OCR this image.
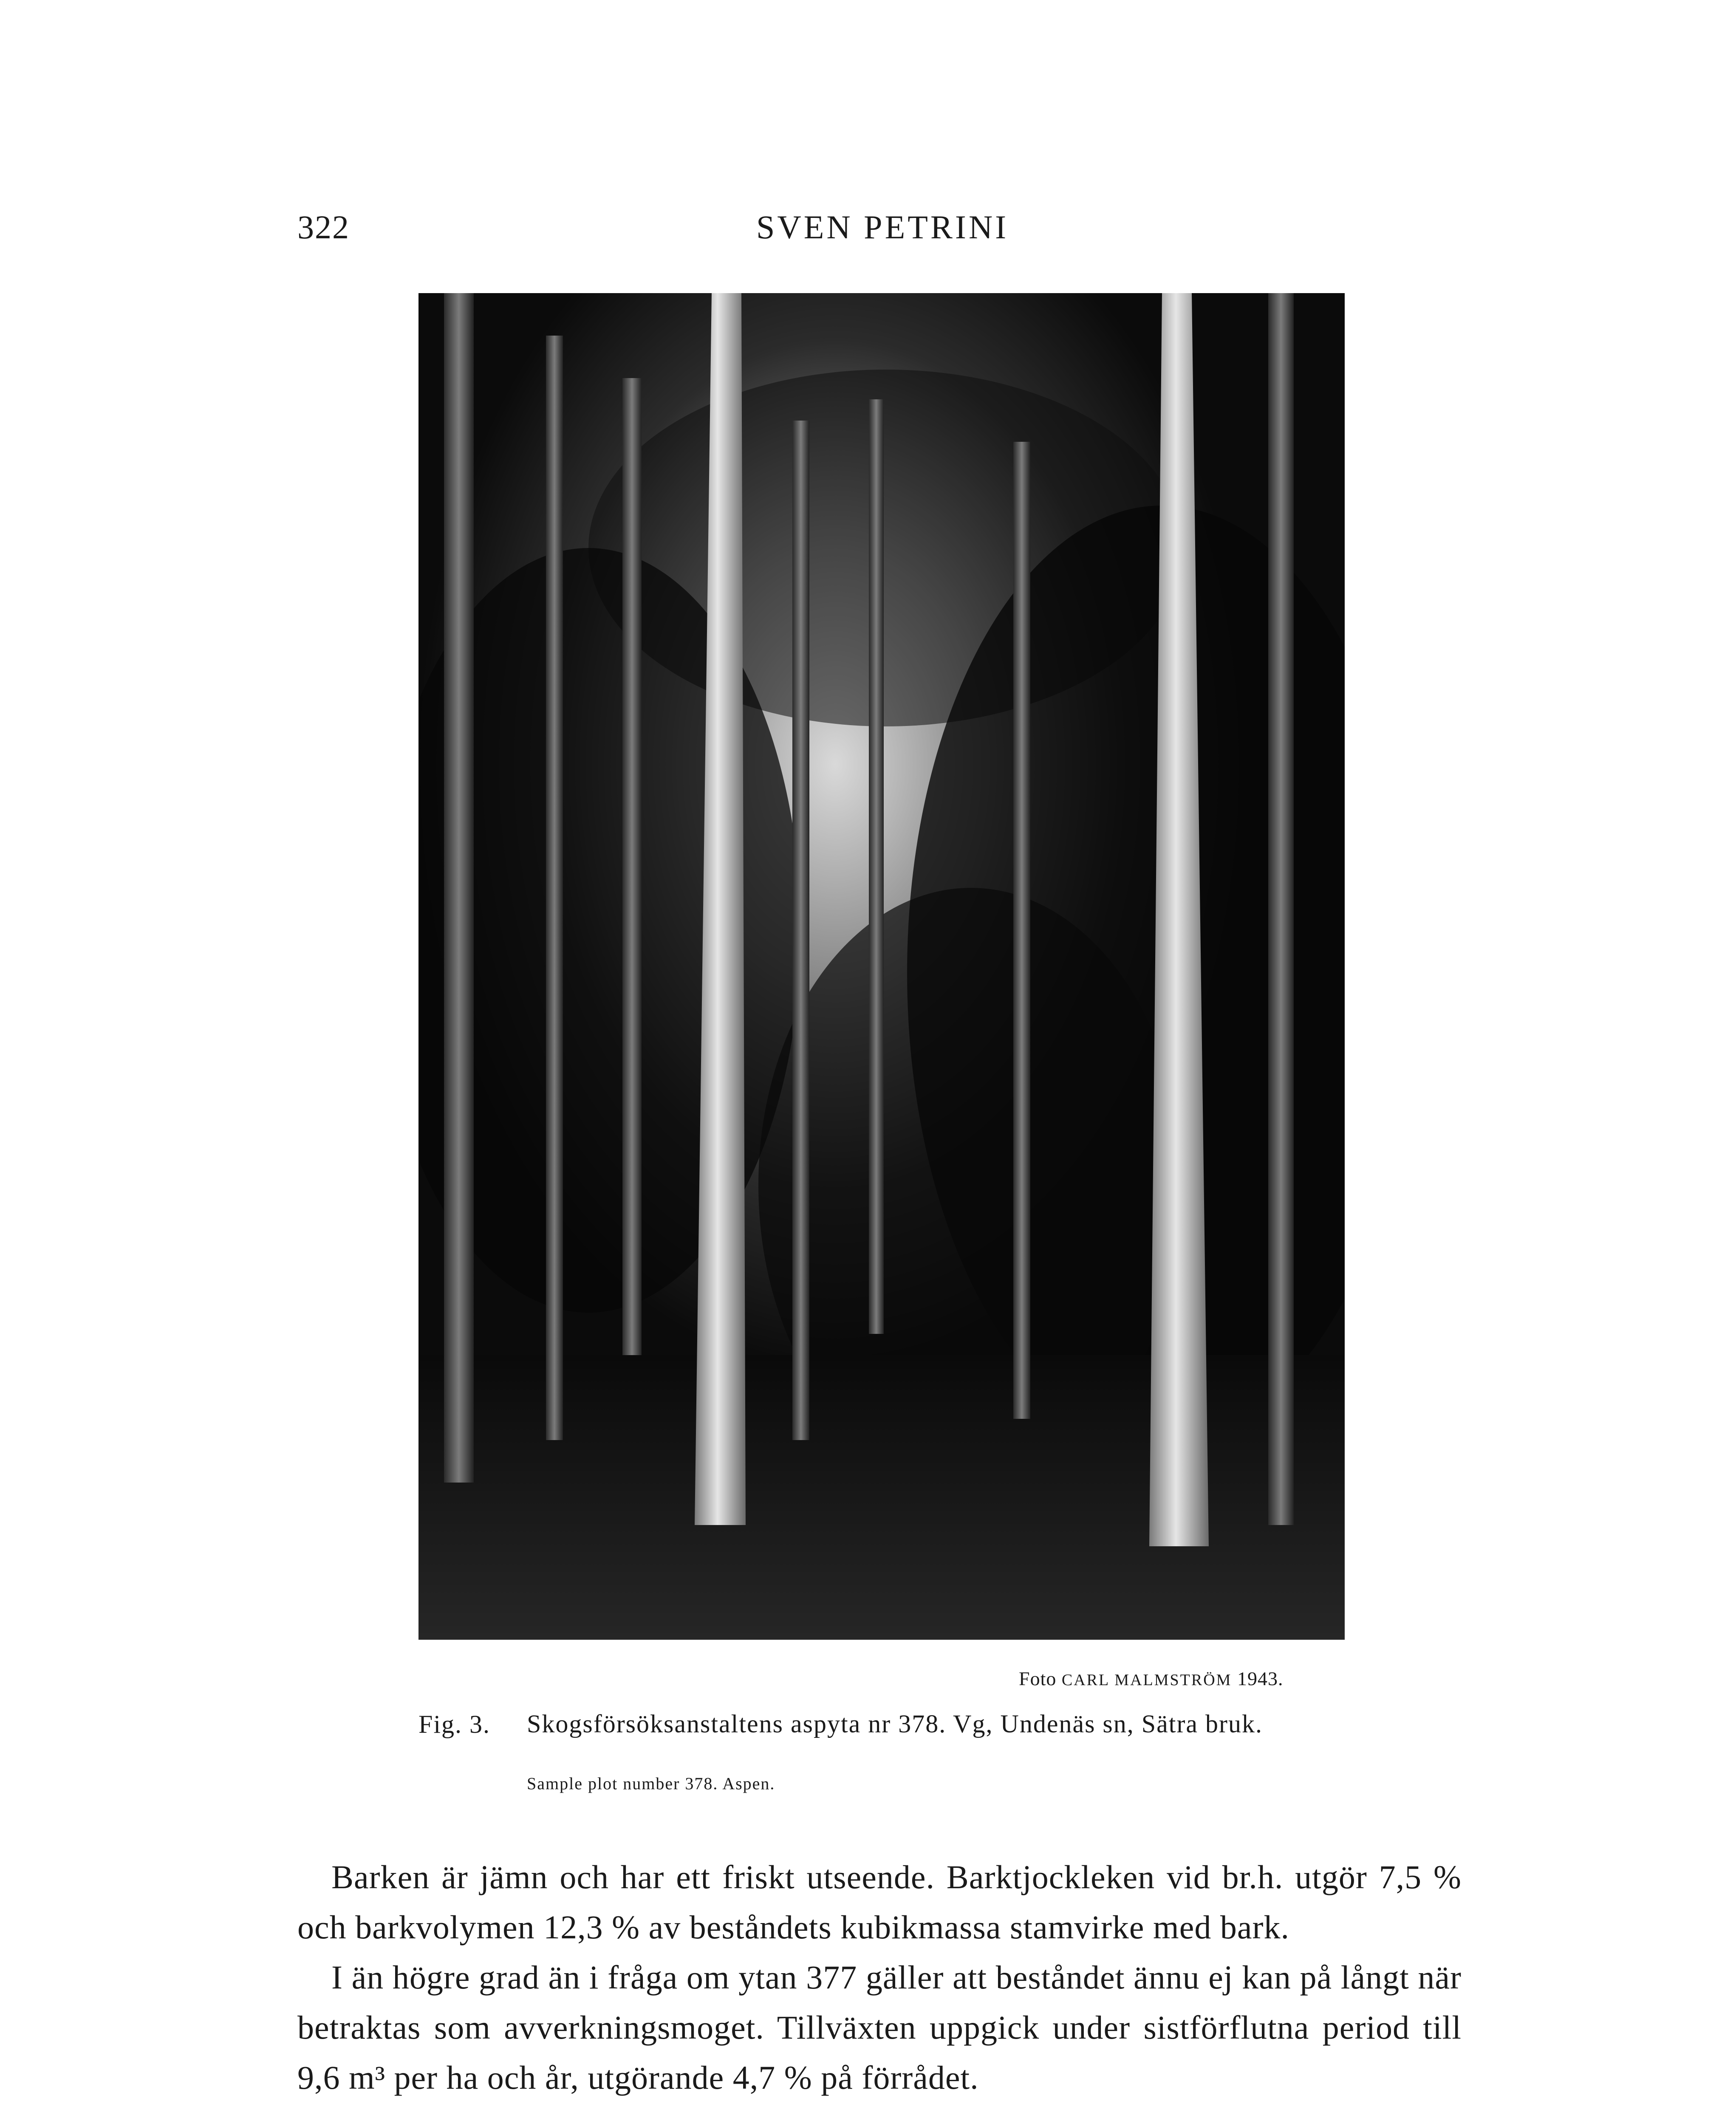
322	SVEN PETRINI
Foto CARL MALMSTRÖM 1943.
Fig. 3. Skogsförsöksanstaltens aspyta nr 378. Vg, Undenäs sn, Sätra bruk.
Sample plot number 378. Aspen.

Barken är jämn och har ett friskt utseende. Barktjockleken vid br.h. utgör 7,5 % och barkvolymen 12,3 % av beståndets kubikmassa stamvirke med bark.

I än högre grad än i fråga om ytan 377 gäller att beståndet ännu ej kan på långt när betraktas som avverkningsmoget. Tillväxten uppgick under sistförflutna period till 9,6 m³ per ha och år, utgörande 4,7 % på förrådet.
